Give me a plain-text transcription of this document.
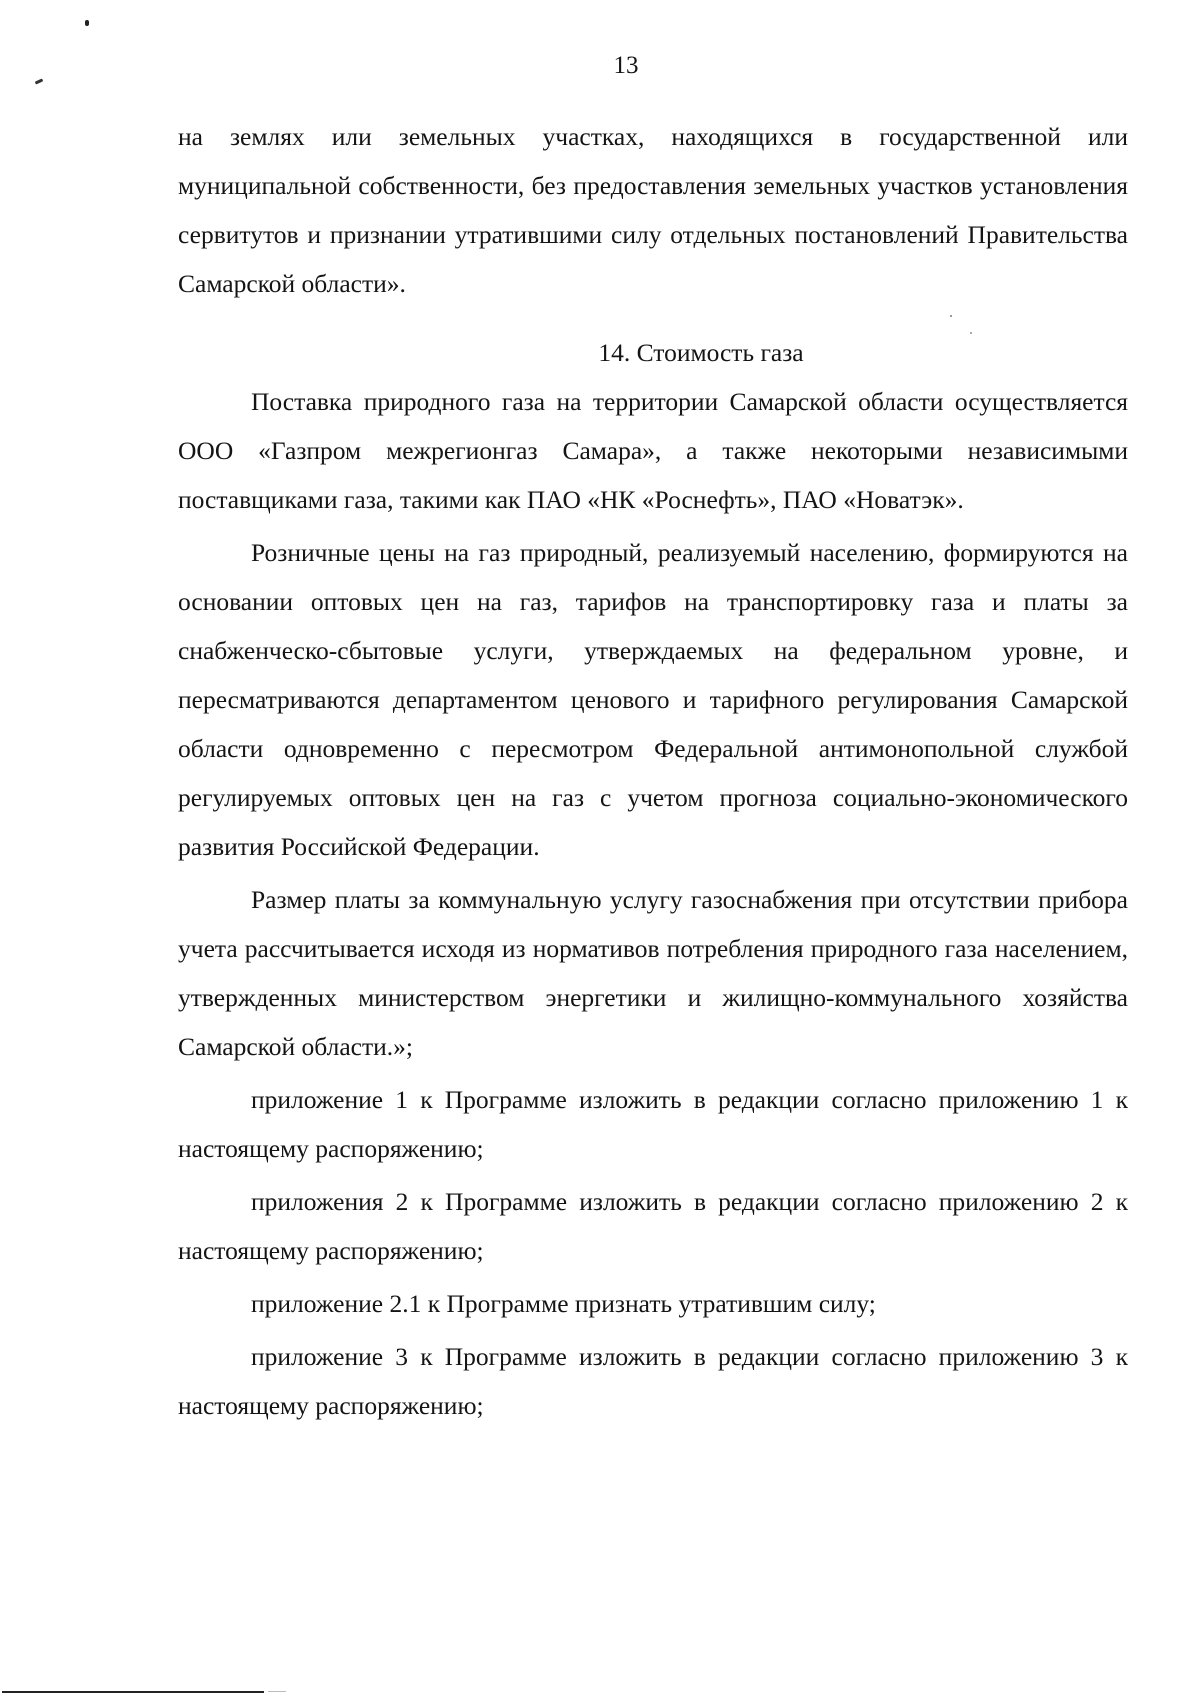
13

на землях или земельных участках, находящихся в государственной или муниципальной собственности, без предоставления земельных участков установления сервитутов и признании утратившими силу отдельных постановлений Правительства Самарской области».

14. Стоимость газа

Поставка природного газа на территории Самарской области осуществляется ООО «Газпром межрегионгаз Самара», а также некоторыми независимыми поставщиками газа, такими как ПАО «НК «Роснефть», ПАО «Новатэк».

Розничные цены на газ природный, реализуемый населению, формируются на основании оптовых цен на газ, тарифов на транспортировку газа и платы за снабженческо-сбытовые услуги, утверждаемых на федеральном уровне, и пересматриваются департаментом ценового и тарифного регулирования Самарской области одновременно с пересмотром Федеральной антимонопольной службой регулируемых оптовых цен на газ с учетом прогноза социально-экономического развития Российской Федерации.

Размер платы за коммунальную услугу газоснабжения при отсутствии прибора учета рассчитывается исходя из нормативов потребления природного газа населением, утвержденных министерством энергетики и жилищно-коммунального хозяйства Самарской области.»;

приложение 1 к Программе изложить в редакции согласно приложению 1 к настоящему распоряжению;

приложения 2 к Программе изложить в редакции согласно приложению 2 к настоящему распоряжению;

приложение 2.1 к Программе признать утратившим силу;

приложение 3 к Программе изложить в редакции согласно приложению 3 к настоящему распоряжению;
